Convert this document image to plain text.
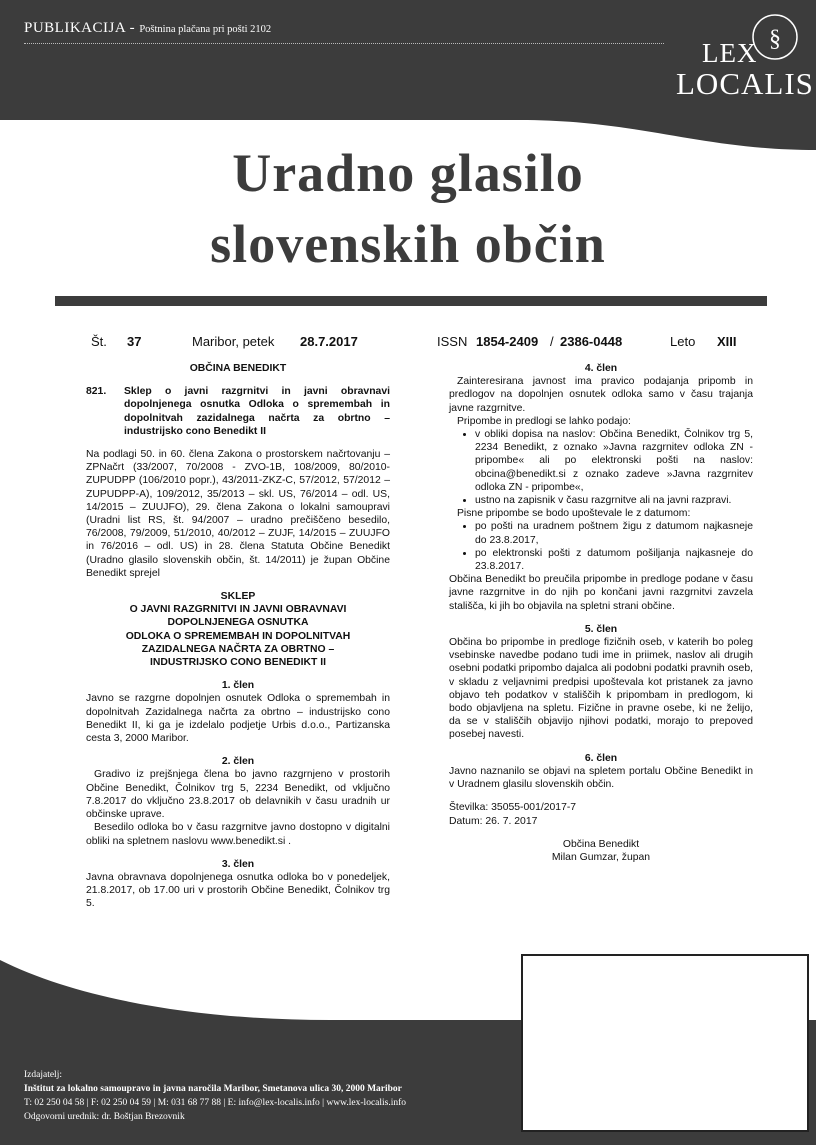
PUBLIKACIJA - Poštnina plačana pri pošti 2102	§
LEX
LOCALIS
Uradno glasilo
slovenskih občin
Št. 37	Maribor, petek 28.7.2017	ISSN 1854-2409 / 2386-0448	Leto XIII

OBČINA BENEDIKT

821.	Sklep o javni razgrnitvi in javni obravnavi dopolnjenega osnutka Odloka o spremembah in dopolnitvah zazidalnega načrta za obrtno – industrijsko cono Benedikt II

Na podlagi 50. in 60. člena Zakona o prostorskem načrtovanju – ZPNačrt (33/2007, 70/2008 - ZVO-1B, 108/2009, 80/2010-ZUPUDPP (106/2010 popr.), 43/2011-ZKZ-C, 57/2012, 57/2012 – ZUPUDPP-A), 109/2012, 35/2013 – skl. US, 76/2014 – odl. US, 14/2015 – ZUUJFO), 29. člena Zakona o lokalni samoupravi (Uradni list RS, št. 94/2007 – uradno prečiščeno besedilo, 76/2008, 79/2009, 51/2010, 40/2012 – ZUJF, 14/2015 – ZUUJFO in 76/2016 – odl. US) in 28. člena Statuta Občine Benedikt (Uradno glasilo slovenskih občin, št. 14/2011) je župan Občine Benedikt sprejel

SKLEP
O JAVNI RAZGRNITVI IN JAVNI OBRAVNAVI
DOPOLNJENEGA OSNUTKA
ODLOKA O SPREMEMBAH IN DOPOLNITVAH
ZAZIDALNEGA NAČRTA ZA OBRTNO –
INDUSTRIJSKO CONO BENEDIKT II

1. člen

Javno se razgrne dopolnjen osnutek Odloka o spremembah in dopolnitvah Zazidalnega načrta za obrtno – industrijsko cono Benedikt II, ki ga je izdelalo podjetje Urbis d.o.o., Partizanska cesta 3, 2000 Maribor.

2. člen

Gradivo iz prejšnjega člena bo javno razgrnjeno v prostorih Občine Benedikt, Čolnikov trg 5, 2234 Benedikt, od vključno 7.8.2017 do vključno 23.8.2017 ob delavnikih v času uradnih ur občinske uprave.

Besedilo odloka bo v času razgrnitve javno dostopno v digitalni obliki na spletnem naslovu www.benedikt.si .

3. člen

Javna obravnava dopolnjenega osnutka odloka bo v ponedeljek, 21.8.2017, ob 17.00 uri v prostorih Občine Benedikt, Čolnikov trg 5.

4. člen

Zainteresirana javnost ima pravico podajanja pripomb in predlogov na dopolnjen osnutek odloka samo v času trajanja javne razgrnitve.

Pripombe in predlogi se lahko podajo:

• v obliki dopisa na naslov: Občina Benedikt, Čolnikov trg 5, 2234 Benedikt, z oznako »Javna razgrnitev odloka ZN - pripombe« ali po elektronski pošti na naslov: obcina@benedikt.si z oznako zadeve »Javna razgrnitev odloka ZN - pripombe«,
• ustno na zapisnik v času razgrnitve ali na javni razpravi.

Pisne pripombe se bodo upoštevale le z datumom:

• po pošti na uradnem poštnem žigu z datumom najkasneje do 23.8.2017,
• po elektronski pošti z datumom pošiljanja najkasneje do 23.8.2017.

Občina Benedikt bo preučila pripombe in predloge podane v času javne razgrnitve in do njih po končani javni razgrnitvi zavzela stališča, ki jih bo objavila na spletni strani občine.

5. člen

Občina bo pripombe in predloge fizičnih oseb, v katerih bo poleg vsebinske navedbe podano tudi ime in priimek, naslov ali drugih osebni podatki pripombo dajalca ali podobni podatki pravnih oseb, v skladu z veljavnimi predpisi upoštevala kot pristanek za javno objavo teh podatkov v stališčih k pripombam in predlogom, ki bodo objavljena na spletu. Fizične in pravne osebe, ki ne želijo, da se v stališčih objavijo njihovi podatki, morajo to prepoved posebej navesti.

6. člen

Javno naznanilo se objavi na spletem portalu Občine Benedikt in v Uradnem glasilu slovenskih občin.

Številka: 35055-001/2017-7

Datum: 26. 7. 2017

Občina Benedikt

Milan Gumzar, župan

Izdajatelj:
Inštitut za lokalno samoupravo in javna naročila Maribor, Smetanova ulica 30, 2000 Maribor
T: 02 250 04 58 | F: 02 250 04 59 | M: 031 68 77 88 | E: info@lex-localis.info | www.lex-localis.info
Odgovorni urednik: dr. Boštjan Brezovnik
